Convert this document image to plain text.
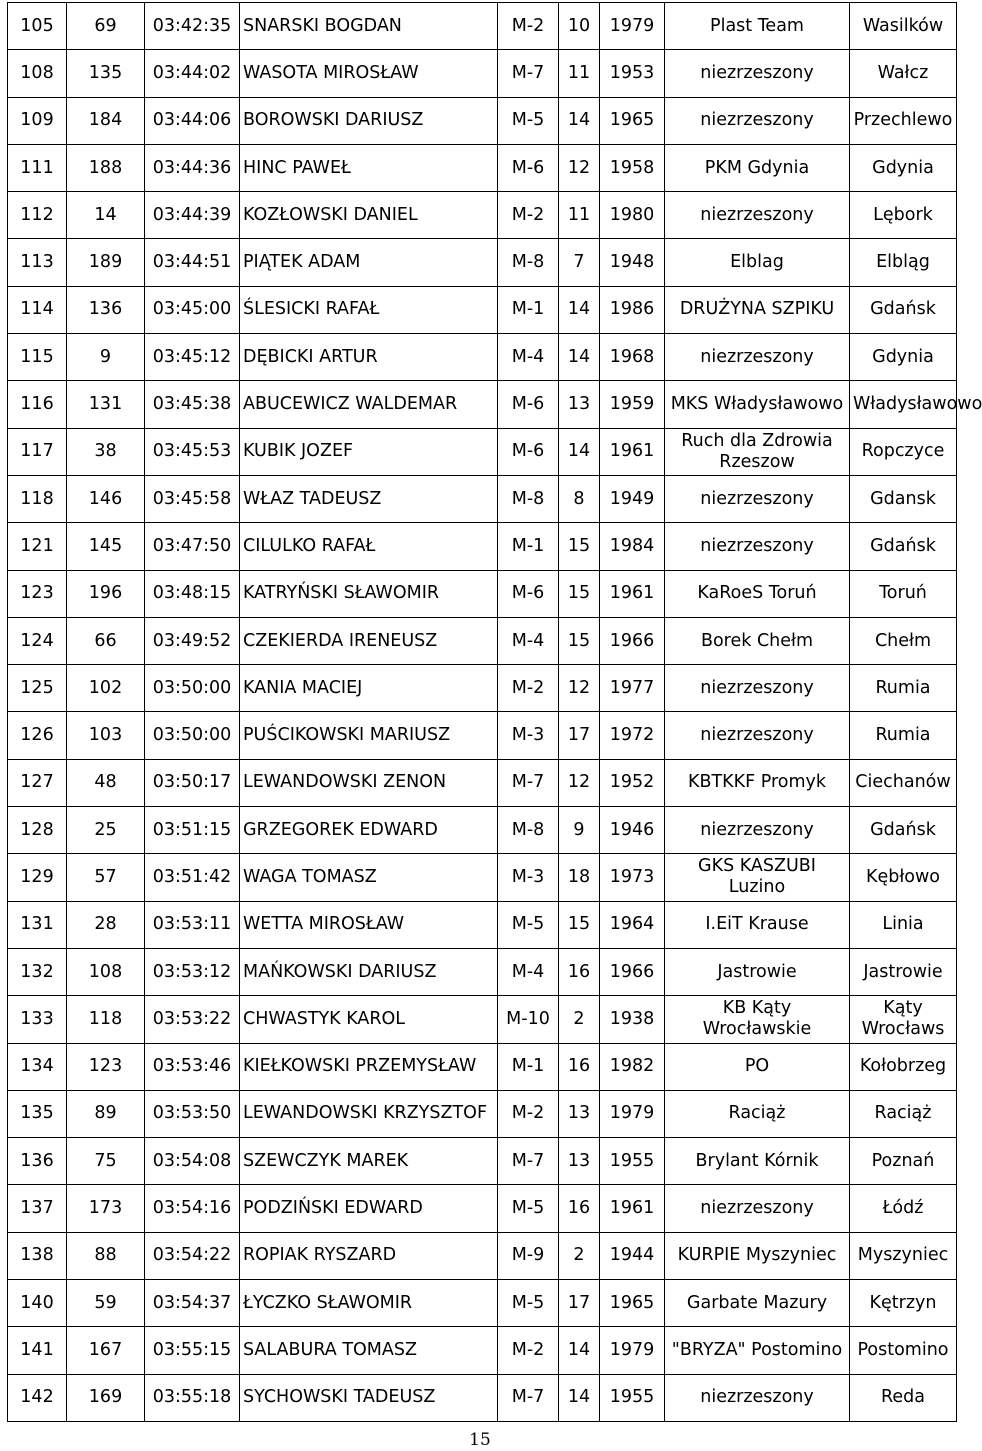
105	69	03:42:35	SNARSKI BOGDAN	M-2	10	1979	Plast Team	Wasilków
108	135	03:44:02	WASOTA MIROSŁAW	M-7	11	1953	niezrzeszony	Wałcz
109	184	03:44:06	BOROWSKI DARIUSZ	M-5	14	1965	niezrzeszony	Przechlewo
111	188	03:44:36	HINC PAWEŁ	M-6	12	1958	PKM Gdynia	Gdynia
112	14	03:44:39	KOZŁOWSKI DANIEL	M-2	11	1980	niezrzeszony	Lębork
113	189	03:44:51	PIĄTEK ADAM	M-8	7	1948	Elblag	Elbląg
114	136	03:45:00	ŚLESICKI RAFAŁ	M-1	14	1986	DRUŻYNA SZPIKU	Gdańsk
115	9	03:45:12	DĘBICKI ARTUR	M-4	14	1968	niezrzeszony	Gdynia
116	131	03:45:38	ABUCEWICZ WALDEMAR	M-6	13	1959	MKS Władysławowo	Władysławowo
117	38	03:45:53	KUBIK JOZEF	M-6	14	1961	Ruch dla Zdrowia Rzeszow	Ropczyce
118	146	03:45:58	WŁAZ TADEUSZ	M-8	8	1949	niezrzeszony	Gdansk
121	145	03:47:50	CILULKO RAFAŁ	M-1	15	1984	niezrzeszony	Gdańsk
123	196	03:48:15	KATRYŃSKI SŁAWOMIR	M-6	15	1961	KaRoeS Toruń	Toruń
124	66	03:49:52	CZEKIERDA IRENEUSZ	M-4	15	1966	Borek Chełm	Chełm
125	102	03:50:00	KANIA MACIEJ	M-2	12	1977	niezrzeszony	Rumia
126	103	03:50:00	PUŚCIKOWSKI MARIUSZ	M-3	17	1972	niezrzeszony	Rumia
127	48	03:50:17	LEWANDOWSKI ZENON	M-7	12	1952	KBTKKF Promyk	Ciechanów
128	25	03:51:15	GRZEGOREK EDWARD	M-8	9	1946	niezrzeszony	Gdańsk
129	57	03:51:42	WAGA TOMASZ	M-3	18	1973	GKS KASZUBI Luzino	Kębłowo
131	28	03:53:11	WETTA MIROSŁAW	M-5	15	1964	I.EiT Krause	Linia
132	108	03:53:12	MAŃKOWSKI DARIUSZ	M-4	16	1966	Jastrowie	Jastrowie
133	118	03:53:22	CHWASTYK KAROL	M-10	2	1938	KB Kąty Wrocławskie	Kąty Wrocławs
134	123	03:53:46	KIEŁKOWSKI PRZEMYSŁAW	M-1	16	1982	PO	Kołobrzeg
135	89	03:53:50	LEWANDOWSKI KRZYSZTOF	M-2	13	1979	Raciąż	Raciąż
136	75	03:54:08	SZEWCZYK MAREK	M-7	13	1955	Brylant Kórnik	Poznań
137	173	03:54:16	PODZIŃSKI EDWARD	M-5	16	1961	niezrzeszony	Łódź
138	88	03:54:22	ROPIAK RYSZARD	M-9	2	1944	KURPIE Myszyniec	Myszyniec
140	59	03:54:37	ŁYCZKO SŁAWOMIR	M-5	17	1965	Garbate Mazury	Kętrzyn
141	167	03:55:15	SALABURA TOMASZ	M-2	14	1979	"BRYZA" Postomino	Postomino
142	169	03:55:18	SYCHOWSKI TADEUSZ	M-7	14	1955	niezrzeszony	Reda
15
